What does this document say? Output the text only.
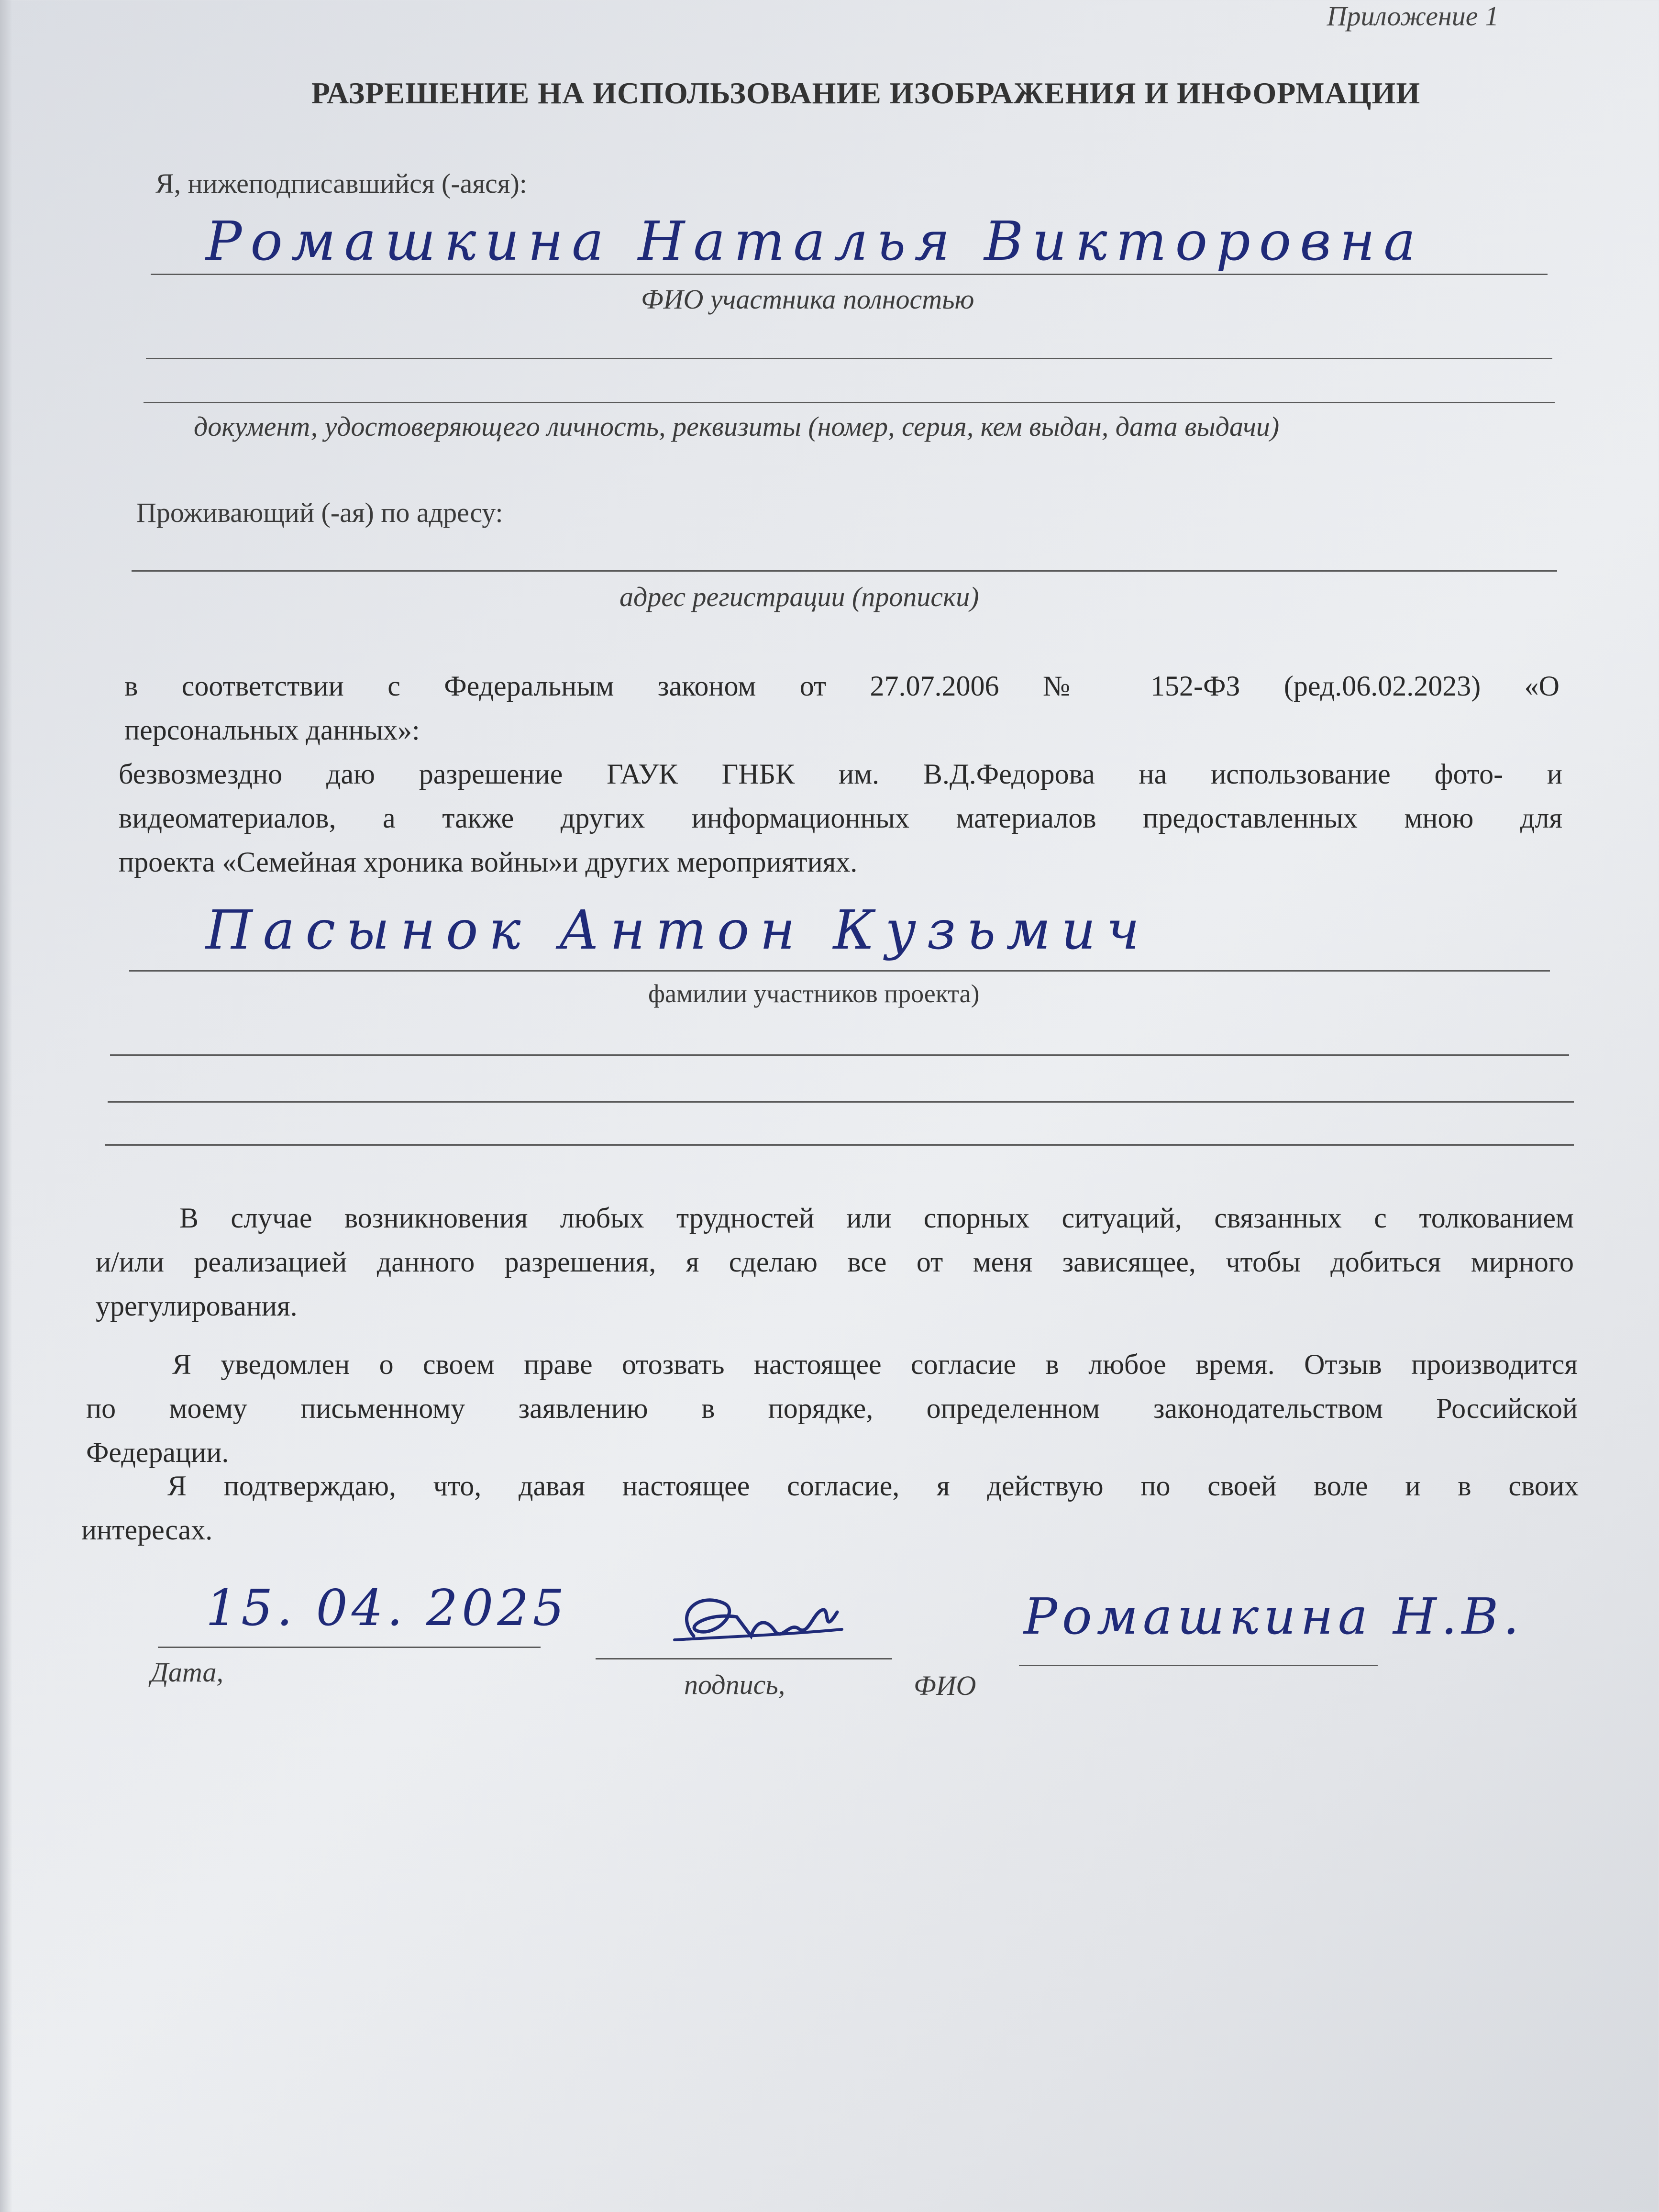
Приложение 1
РАЗРЕШЕНИЕ НА ИСПОЛЬЗОВАНИЕ ИЗОБРАЖЕНИЯ И ИНФОРМАЦИИ
Я, нижеподписавшийся (-аяся):
Ромашкина Наталья Викторовна
ФИО участника полностью
документ, удостоверяющего личность, реквизиты (номер, серия, кем выдан, дата выдачи)
Проживающий (-ая) по адресу:
адрес регистрации (прописки)
в соответствии с Федеральным законом от 27.07.2006 № 152-ФЗ (ред.06.02.2023) «О
персональных данных»:
безвозмездно даю разрешение ГАУК ГНБК им. В.Д.Федорова на использование фото- и
видеоматериалов, а также других информационных материалов предоставленных мною для
проекта «Семейная хроника войны»и других мероприятиях.
Пасынок Антон Кузьмич
фамилии участников проекта)
В случае возникновения любых трудностей или спорных ситуаций, связанных с толкованием
и/или реализацией данного разрешения, я сделаю все от меня зависящее, чтобы добиться мирного
урегулирования.
Я уведомлен о своем праве отозвать настоящее согласие в любое время. Отзыв производится
по моему письменному заявлению в порядке, определенном законодательством Российской
Федерации.
Я подтверждаю, что, давая настоящее согласие, я действую по своей воле и в своих
интересах.
15. 04. 2025
Дата,	подпись,	ФИО
Ромашкина Н.В.
